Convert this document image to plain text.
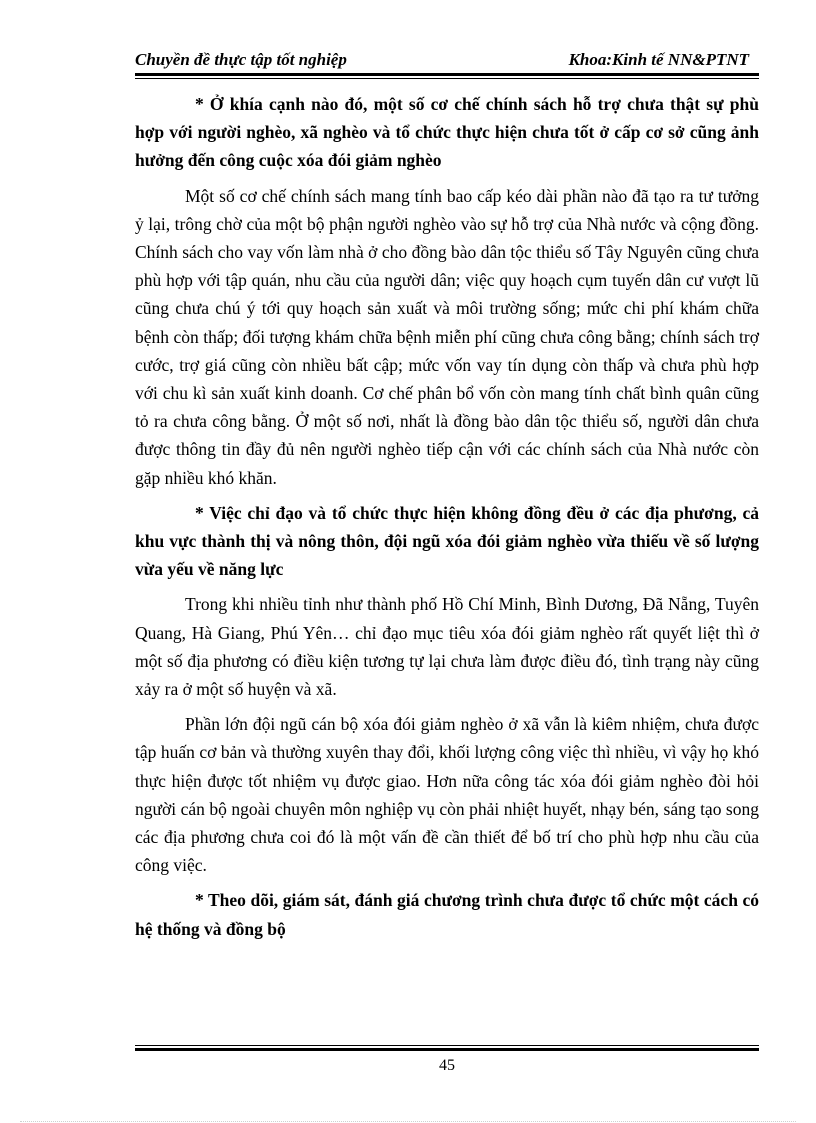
Chuyền đề thực tập tốt nghiệp	Khoa:Kinh tế NN&PTNT

* Ở khía cạnh nào đó, một số cơ chế chính sách hỗ trợ chưa thật sự phù hợp với người nghèo, xã nghèo và tổ chức thực hiện chưa tốt ở cấp cơ sở cũng ảnh hưởng đến công cuộc xóa đói giảm nghèo

Một số cơ chế chính sách mang tính bao cấp kéo dài phần nào đã tạo ra tư tưởng ỷ lại, trông chờ của một bộ phận người nghèo vào sự hỗ trợ của Nhà nước và cộng đồng. Chính sách cho vay vốn làm nhà ở cho đồng bào dân tộc thiểu số Tây Nguyên cũng chưa phù hợp với tập quán, nhu cầu của người dân; việc quy hoạch cụm tuyến dân cư vượt lũ cũng chưa chú ý tới quy hoạch sản xuất và môi trường sống; mức chi phí khám chữa bệnh còn thấp; đối tượng khám chữa bệnh miễn phí cũng chưa công bằng; chính sách trợ cước, trợ giá cũng còn nhiều bất cập; mức vốn vay tín dụng còn thấp và chưa phù hợp với chu kì sản xuất kinh doanh. Cơ chế phân bổ vốn còn mang tính chất bình quân cũng tỏ ra chưa công bằng. Ở một số nơi, nhất là đồng bào dân tộc thiểu số, người dân chưa được thông tin đầy đủ nên người nghèo tiếp cận với các chính sách của Nhà nước còn gặp nhiều khó khăn.

* Việc chỉ đạo và tổ chức thực hiện không đồng đều ở các địa phương, cả khu vực thành thị và nông thôn, đội ngũ xóa đói giảm nghèo vừa thiếu về số lượng vừa yếu về năng lực

Trong khi nhiều tỉnh như thành phố Hồ Chí Minh, Bình Dương, Đã Nẵng, Tuyên Quang, Hà Giang, Phú Yên… chỉ đạo mục tiêu xóa đói giảm nghèo rất quyết liệt thì ở một số địa phương có điều kiện tương tự lại chưa làm được điều đó, tình trạng này cũng xảy ra ở một số huyện và xã.

Phần lớn đội ngũ cán bộ xóa đói giảm nghèo ở xã vẫn là kiêm nhiệm, chưa được tập huấn cơ bản và thường xuyên thay đổi, khối lượng công việc thì nhiều, vì vậy họ khó thực hiện được tốt nhiệm vụ được giao. Hơn nữa công tác xóa đói giảm nghèo đòi hỏi người cán bộ ngoài chuyên môn nghiệp vụ còn phải nhiệt huyết, nhạy bén, sáng tạo song các địa phương chưa coi đó là một vấn đề cần thiết để bố trí cho phù hợp nhu cầu của công việc.

* Theo dõi, giám sát, đánh giá chương trình chưa được tổ chức một cách có hệ thống và đồng bộ

45
